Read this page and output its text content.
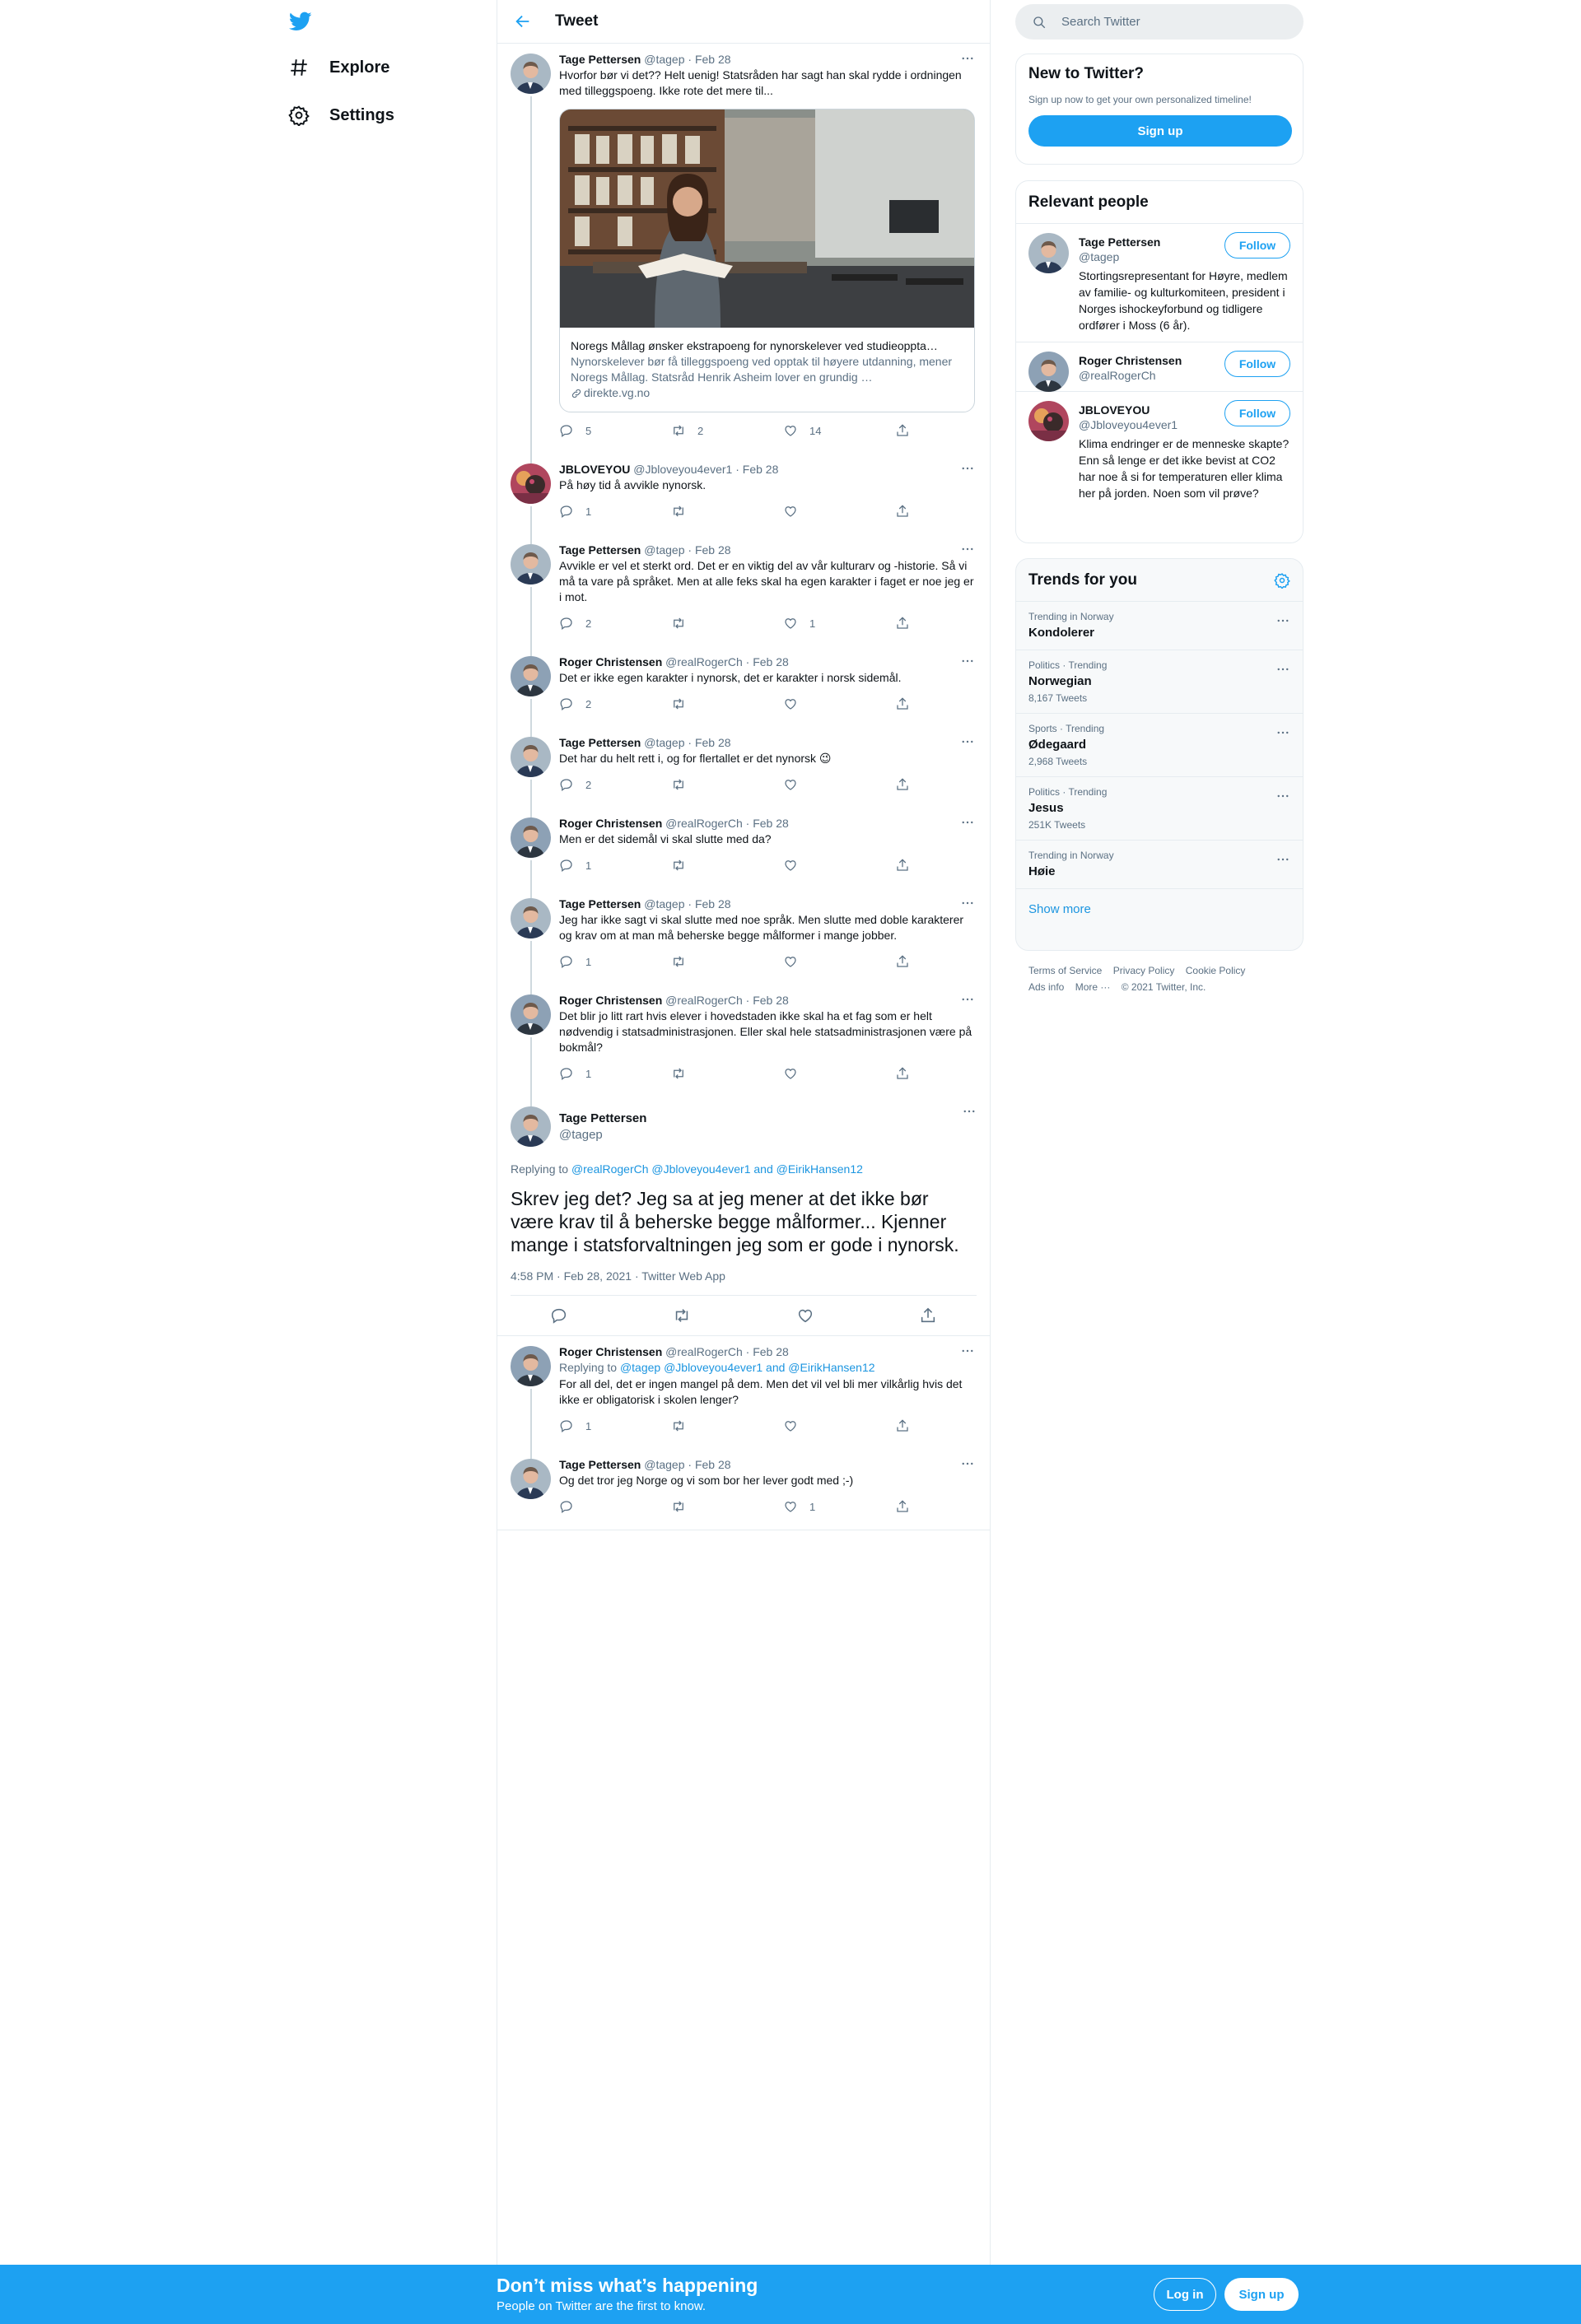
Explore
Settings
Tweet
Tage Pettersen @tagep · Feb 28
Hvorfor bør vi det?? Helt uenig! Statsråden har sagt han skal rydde i ordningen med tilleggspoeng. Ikke rote det mere til...
Noregs Mållag ønsker ekstrapoeng for nynorskelever ved studieoppta…
Nynorskelever bør få tilleggspoeng ved opptak til høyere utdanning, mener Noregs Mållag. Statsråd Henrik Asheim lover en grundig …
direkte.vg.no
5	2	14
JBLOVEYOU @Jbloveyou4ever1 · Feb 28
På høy tid å avvikle nynorsk.
1
Tage Pettersen @tagep · Feb 28
Avvikle er vel et sterkt ord. Det er en viktig del av vår kulturarv og -historie. Så vi må ta vare på språket. Men at alle feks skal ha egen karakter i faget er noe jeg er i mot.
2	1
Roger Christensen @realRogerCh · Feb 28
Det er ikke egen karakter i nynorsk, det er karakter i norsk sidemål.
2
Tage Pettersen @tagep · Feb 28
Det har du helt rett i, og for flertallet er det nynorsk 😉
2
Roger Christensen @realRogerCh · Feb 28
Men er det sidemål vi skal slutte med da?
1
Tage Pettersen @tagep · Feb 28
Jeg har ikke sagt vi skal slutte med noe språk. Men slutte med doble karakterer og krav om at man må beherske begge målformer i mange jobber.
1
Roger Christensen @realRogerCh · Feb 28
Det blir jo litt rart hvis elever i hovedstaden ikke skal ha et fag som er helt nødvendig i statsadministrasjonen. Eller skal hele statsadministrasjonen være på bokmål?
1
Tage Pettersen
@tagep
Replying to @realRogerCh @Jbloveyou4ever1 and @EirikHansen12
Skrev jeg det? Jeg sa at jeg mener at det ikke bør være krav til å beherske begge målformer... Kjenner mange i statsforvaltningen jeg som er gode i nynorsk.
4:58 PM · Feb 28, 2021 · Twitter Web App
Roger Christensen @realRogerCh · Feb 28
Replying to @tagep @Jbloveyou4ever1 and @EirikHansen12
For all del, det er ingen mangel på dem. Men det vil vel bli mer vilkårlig hvis det ikke er obligatorisk i skolen lenger?
1
Tage Pettersen @tagep · Feb 28
Og det tror jeg Norge og vi som bor her lever godt med ;-)
1
Search Twitter
New to Twitter?

Sign up now to get your own personalized timeline!

Sign up
Relevant people
Tage Pettersen
@tagep
Stortingsrepresentant for Høyre, medlem av familie- og kulturkomiteen, president i Norges ishockeyforbund og tidligere ordfører i Moss (6 år).
Follow
Roger Christensen
@realRogerCh
Follow
JBLOVEYOU
@Jbloveyou4ever1
Klima endringer er de menneske skapte? Enn så lenge er det ikke bevist at CO2 har noe å si for temperaturen eller klima her på jorden. Noen som vil prøve?
Follow
Trends for you
Trending in Norway
Kondolerer
Politics · Trending
Norwegian
8,167 Tweets
Sports · Trending
Ødegaard
2,968 Tweets
Politics · Trending
Jesus
251K Tweets
Trending in Norway
Høie
Show more
Terms of Service Privacy Policy Cookie Policy
Ads info More ··· © 2021 Twitter, Inc.
Don’t miss what’s happening
People on Twitter are the first to know.
Log in	Sign up
